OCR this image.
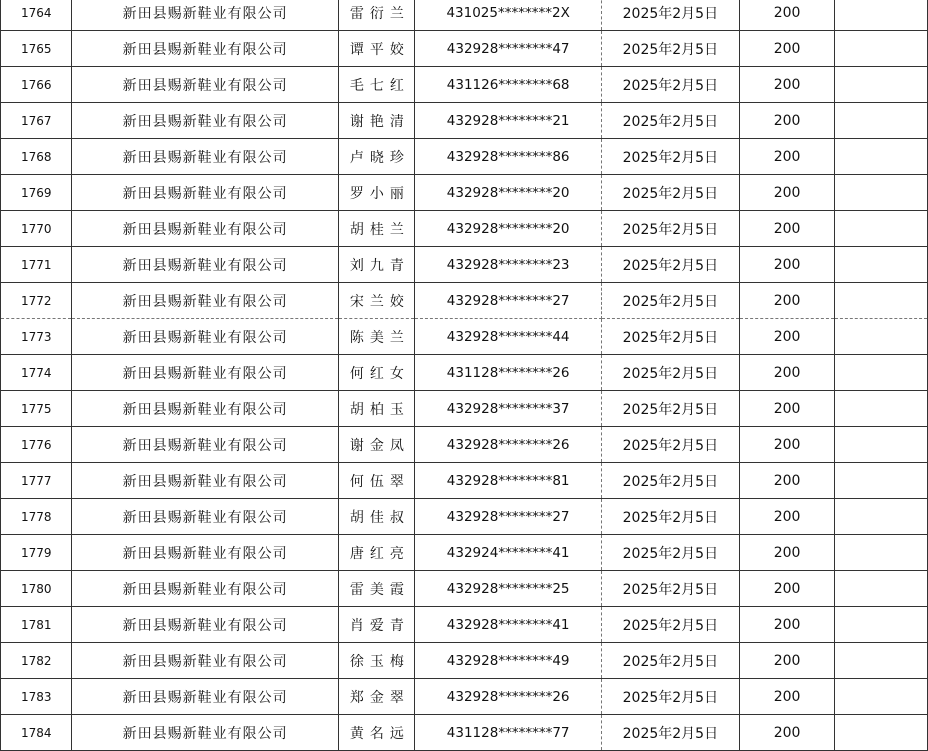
1764	新田县赐新鞋业有限公司	雷衍兰	431025********2X	2025年2月5日	200	
1765	新田县赐新鞋业有限公司	谭平姣	432928********47	2025年2月5日	200	
1766	新田县赐新鞋业有限公司	毛七红	431126********68	2025年2月5日	200	
1767	新田县赐新鞋业有限公司	谢艳清	432928********21	2025年2月5日	200	
1768	新田县赐新鞋业有限公司	卢晓珍	432928********86	2025年2月5日	200	
1769	新田县赐新鞋业有限公司	罗小丽	432928********20	2025年2月5日	200	
1770	新田县赐新鞋业有限公司	胡桂兰	432928********20	2025年2月5日	200	
1771	新田县赐新鞋业有限公司	刘九青	432928********23	2025年2月5日	200	
1772	新田县赐新鞋业有限公司	宋兰姣	432928********27	2025年2月5日	200	
1773	新田县赐新鞋业有限公司	陈美兰	432928********44	2025年2月5日	200	
1774	新田县赐新鞋业有限公司	何红女	431128********26	2025年2月5日	200	
1775	新田县赐新鞋业有限公司	胡柏玉	432928********37	2025年2月5日	200	
1776	新田县赐新鞋业有限公司	谢金凤	432928********26	2025年2月5日	200	
1777	新田县赐新鞋业有限公司	何伍翠	432928********81	2025年2月5日	200	
1778	新田县赐新鞋业有限公司	胡佳叔	432928********27	2025年2月5日	200	
1779	新田县赐新鞋业有限公司	唐红亮	432924********41	2025年2月5日	200	
1780	新田县赐新鞋业有限公司	雷美霞	432928********25	2025年2月5日	200	
1781	新田县赐新鞋业有限公司	肖爱青	432928********41	2025年2月5日	200	
1782	新田县赐新鞋业有限公司	徐玉梅	432928********49	2025年2月5日	200	
1783	新田县赐新鞋业有限公司	郑金翠	432928********26	2025年2月5日	200	
1784	新田县赐新鞋业有限公司	黄名远	431128********77	2025年2月5日	200	
